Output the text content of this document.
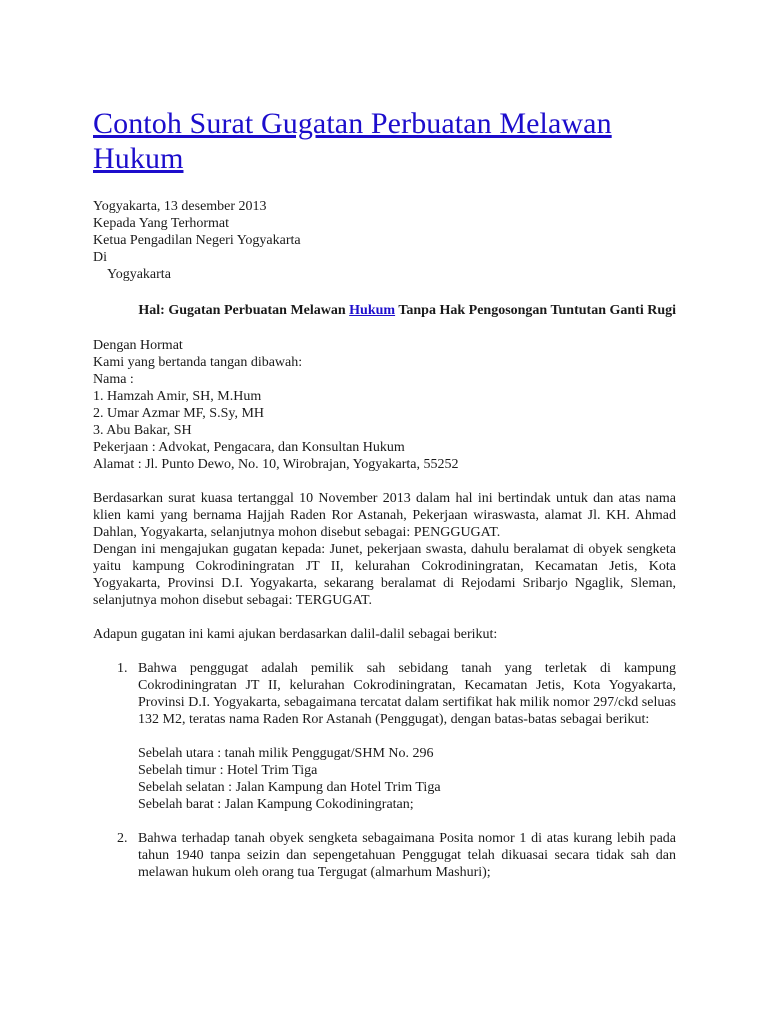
Contoh Surat Gugatan Perbuatan Melawan Hukum
Yogyakarta, 13 desember 2013
Kepada Yang Terhormat
Ketua Pengadilan Negeri Yogyakarta
Di
Yogyakarta

Hal: Gugatan Perbuatan Melawan Hukum Tanpa Hak Pengosongan Tuntutan Ganti Rugi

Dengan Hormat
Kami yang bertanda tangan dibawah:
Nama :
1. Hamzah Amir, SH, M.Hum
2. Umar Azmar MF, S.Sy, MH
3. Abu Bakar, SH
Pekerjaan : Advokat, Pengacara, dan Konsultan Hukum
Alamat : Jl. Punto Dewo, No. 10, Wirobrajan, Yogyakarta, 55252

Berdasarkan surat kuasa tertanggal 10 November 2013 dalam hal ini bertindak untuk dan atas nama klien kami yang bernama Hajjah Raden Ror Astanah, Pekerjaan wiraswasta, alamat Jl. KH. Ahmad Dahlan, Yogyakarta, selanjutnya mohon disebut sebagai: PENGGUGAT.

Dengan ini mengajukan gugatan kepada: Junet, pekerjaan swasta, dahulu beralamat di obyek sengketa yaitu kampung Cokrodiningratan JT II, kelurahan Cokrodiningratan, Kecamatan Jetis, Kota Yogyakarta, Provinsi D.I. Yogyakarta, sekarang beralamat di Rejodami Sribarjo Ngaglik, Sleman, selanjutnya mohon disebut sebagai: TERGUGAT.

Adapun gugatan ini kami ajukan berdasarkan dalil-dalil sebagai berikut:

1. Bahwa penggugat adalah pemilik sah sebidang tanah yang terletak di kampung Cokrodiningratan JT II, kelurahan Cokrodiningratan, Kecamatan Jetis, Kota Yogyakarta, Provinsi D.I. Yogyakarta, sebagaimana tercatat dalam sertifikat hak milik nomor 297/ckd seluas 132 M2, teratas nama Raden Ror Astanah (Penggugat), dengan batas-batas sebagai berikut:
Sebelah utara : tanah milik Penggugat/SHM No. 296
Sebelah timur : Hotel Trim Tiga
Sebelah selatan : Jalan Kampung dan Hotel Trim Tiga
Sebelah barat : Jalan Kampung Cokodiningratan;
2. Bahwa terhadap tanah obyek sengketa sebagaimana Posita nomor 1 di atas kurang lebih pada tahun 1940 tanpa seizin dan sepengetahuan Penggugat telah dikuasai secara tidak sah dan melawan hukum oleh orang tua Tergugat (almarhum Mashuri);
